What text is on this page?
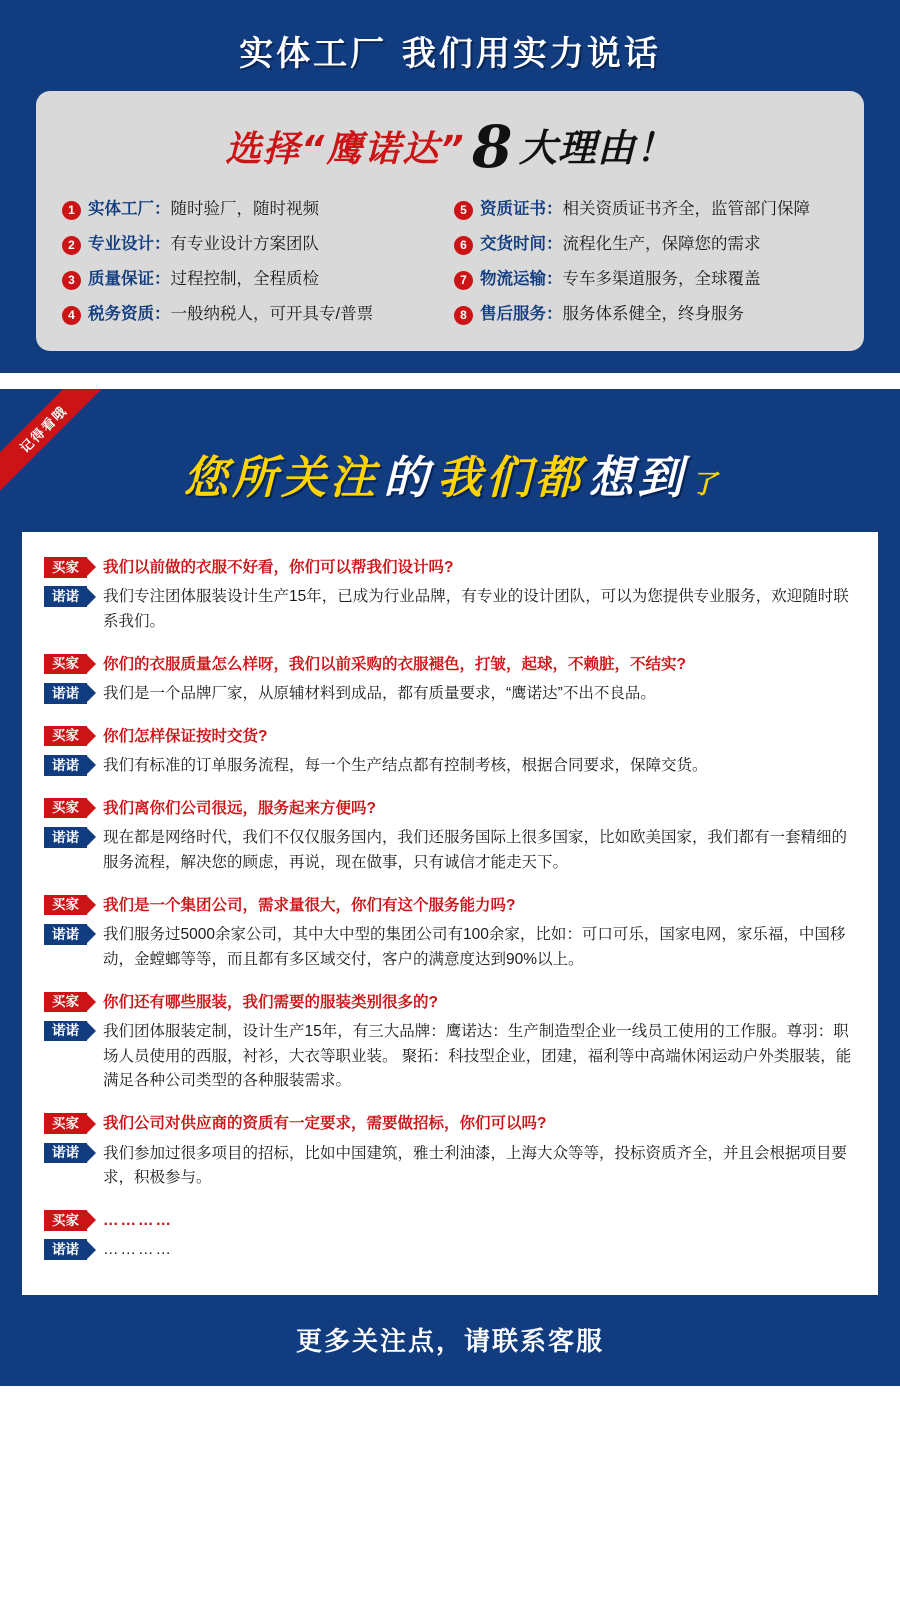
实体工厂 我们用实力说话
选择“鹰诺达” 8 大理由！
1 实体工厂：随时验厂，随时视频	5 资质证书：相关资质证书齐全，监管部门保障
2 专业设计：有专业设计方案团队	6 交货时间：流程化生产，保障您的需求
3 质量保证：过程控制，全程质检	7 物流运输：专车多渠道服务，全球覆盖
4 税务资质：一般纳税人，可开具专/普票	8 售后服务：服务体系健全，终身服务
记得看哦
您所关注 的 我们都 想到 了
买家	我们以前做的衣服不好看，你们可以帮我们设计吗?
诺诺	我们专注团体服装设计生产15年，已成为行业品牌，有专业的设计团队，可以为您提供专业服务，欢迎随时联系我们。
买家	你们的衣服质量怎么样呀，我们以前采购的衣服褪色，打皱，起球，不赖脏，不结实?
诺诺	我们是一个品牌厂家，从原辅材料到成品，都有质量要求，“鹰诺达”不出不良品。
买家	你们怎样保证按时交货?
诺诺	我们有标准的订单服务流程，每一个生产结点都有控制考核，根据合同要求，保障交货。
买家	我们离你们公司很远，服务起来方便吗?
诺诺	现在都是网络时代，我们不仅仅服务国内，我们还服务国际上很多国家，比如欧美国家，我们都有一套精细的服务流程，解决您的顾虑，再说，现在做事，只有诚信才能走天下。
买家	我们是一个集团公司，需求量很大，你们有这个服务能力吗?
诺诺	我们服务过5000余家公司，其中大中型的集团公司有100余家，比如：可口可乐，国家电网，家乐福，中国移动，金螳螂等等，而且都有多区域交付，客户的满意度达到90%以上。
买家	你们还有哪些服装，我们需要的服装类别很多的?
诺诺	我们团体服装定制，设计生产15年，有三大品牌：鹰诺达：生产制造型企业一线员工使用的工作服。尊羽：职场人员使用的西服，衬衫，大衣等职业装。 聚拓：科技型企业，团建，福利等中高端休闲运动户外类服装，能满足各种公司类型的各种服装需求。
买家	我们公司对供应商的资质有一定要求，需要做招标，你们可以吗?
诺诺	我们参加过很多项目的招标，比如中国建筑，雅士利油漆，上海大众等等，投标资质齐全，并且会根据项目要求，积极参与。
买家	…………
诺诺	…………
更多关注点，请联系客服
